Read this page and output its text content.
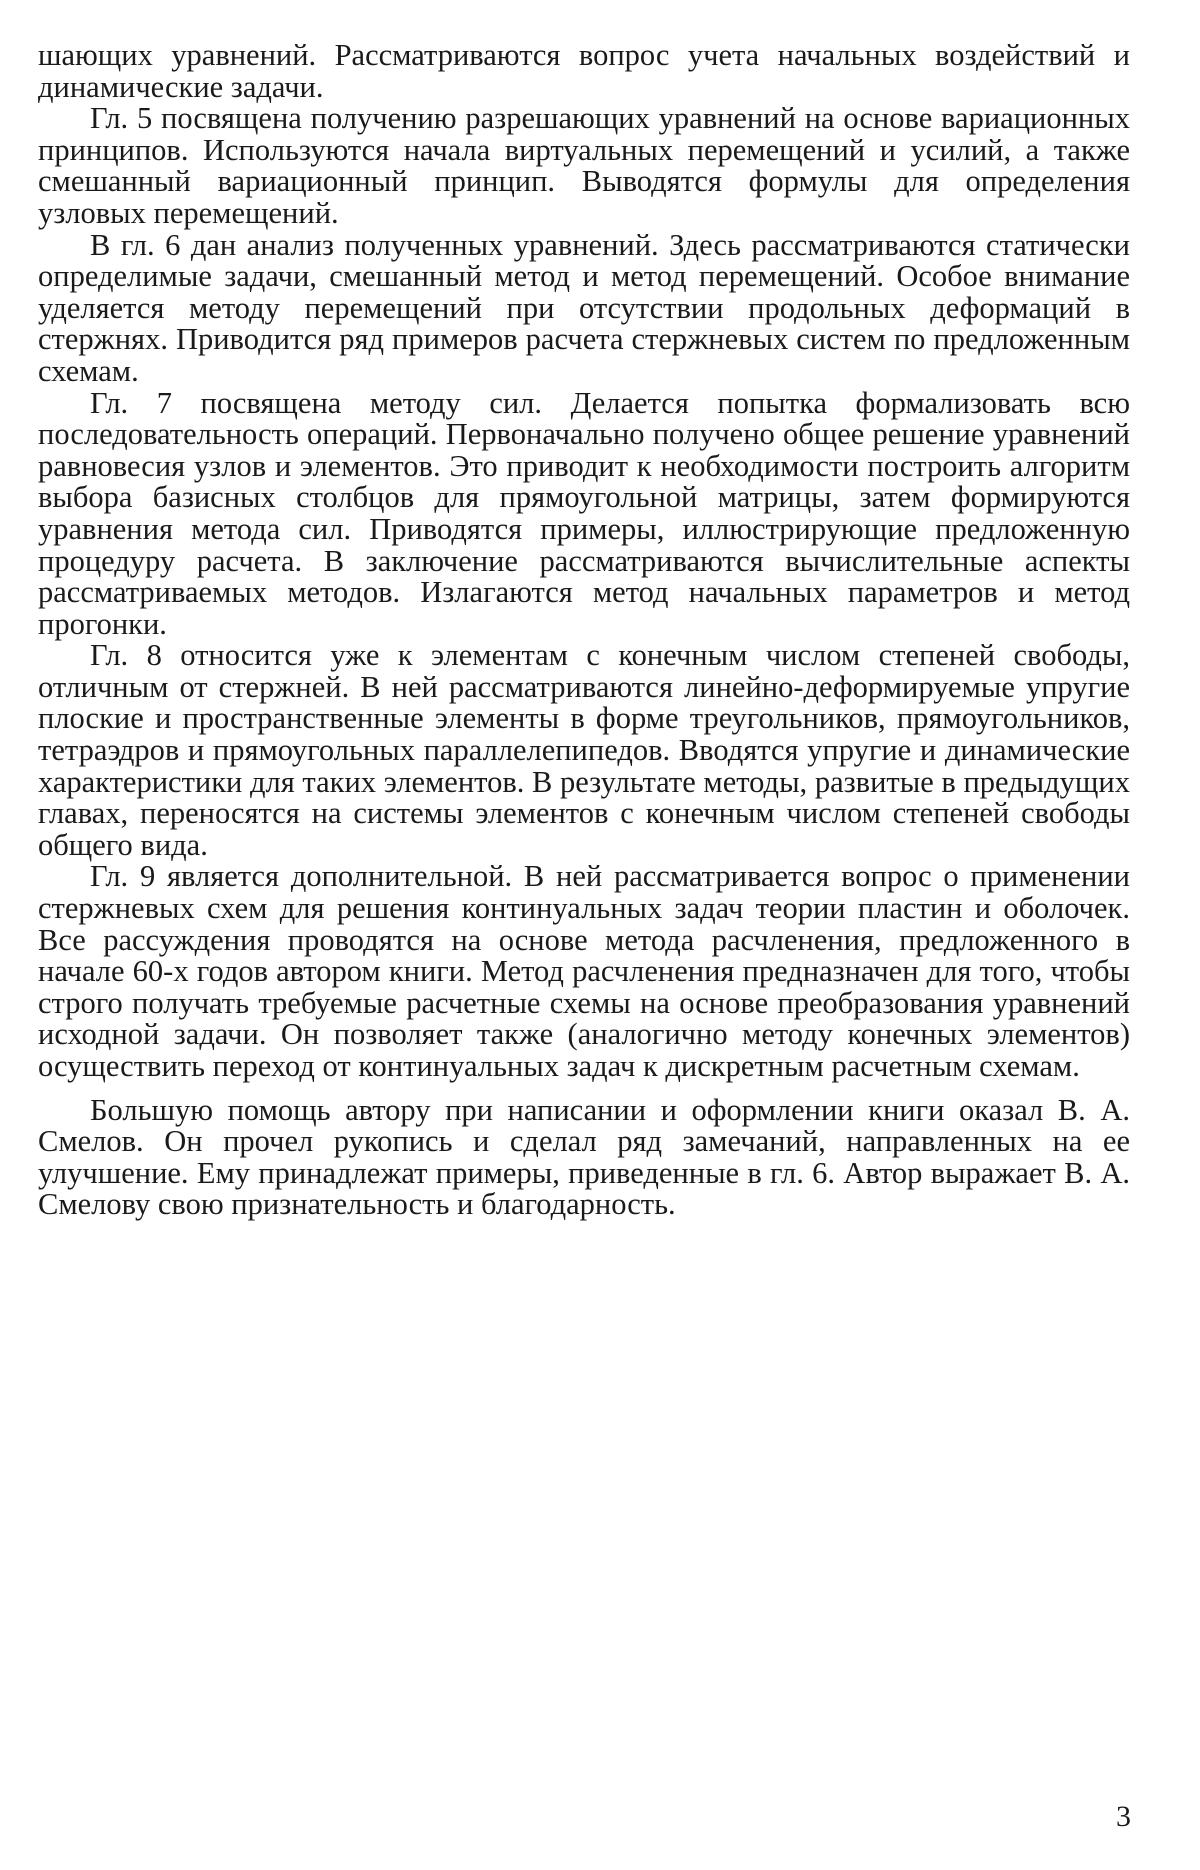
шающих уравнений. Рассматриваются вопрос учета начальных воздействий и динамические задачи.

Гл. 5 посвящена получению разрешающих уравнений на основе вариационных принципов. Используются начала виртуальных перемещений и усилий, а также смешанный вариационный принцип. Выводятся формулы для определения узловых перемещений.

В гл. 6 дан анализ полученных уравнений. Здесь рассматриваются статически определимые задачи, смешанный метод и метод перемещений. Особое внимание уделяется методу перемещений при отсутствии продольных деформаций в стержнях. Приводится ряд примеров расчета стержневых систем по предложенным схемам.

Гл. 7 посвящена методу сил. Делается попытка формализовать всю последовательность операций. Первоначально получено общее решение уравнений равновесия узлов и элементов. Это приводит к необходимости построить алгоритм выбора базисных столбцов для прямоугольной матрицы, затем формируются уравнения метода сил. Приводятся примеры, иллюстрирующие предложенную процедуру расчета. В заключение рассматриваются вычислительные аспекты рассматриваемых методов. Излагаются метод начальных параметров и метод прогонки.

Гл. 8 относится уже к элементам с конечным числом степеней свободы, отличным от стержней. В ней рассматриваются линейно-деформируемые упругие плоские и пространственные элементы в форме треугольников, прямоугольников, тетраэдров и прямоугольных параллелепипедов. Вводятся упругие и динамические характеристики для таких элементов. В результате методы, развитые в предыдущих главах, переносятся на системы элементов с конечным числом степеней свободы общего вида.

Гл. 9 является дополнительной. В ней рассматривается вопрос о применении стержневых схем для решения континуальных задач теории пластин и оболочек. Все рассуждения проводятся на основе метода расчленения, предложенного в начале 60-х годов автором книги. Метод расчленения предназначен для того, чтобы строго получать требуемые расчетные схемы на основе преобразования уравнений исходной задачи. Он позволяет также (аналогично методу конечных элементов) осуществить переход от континуальных задач к дискретным расчетным схемам.

Большую помощь автору при написании и оформлении книги оказал В. А. Смелов. Он прочел рукопись и сделал ряд замечаний, направленных на ее улучшение. Ему принадлежат примеры, приведенные в гл. 6. Автор выражает В. А. Смелову свою признательность и благодарность.

3
